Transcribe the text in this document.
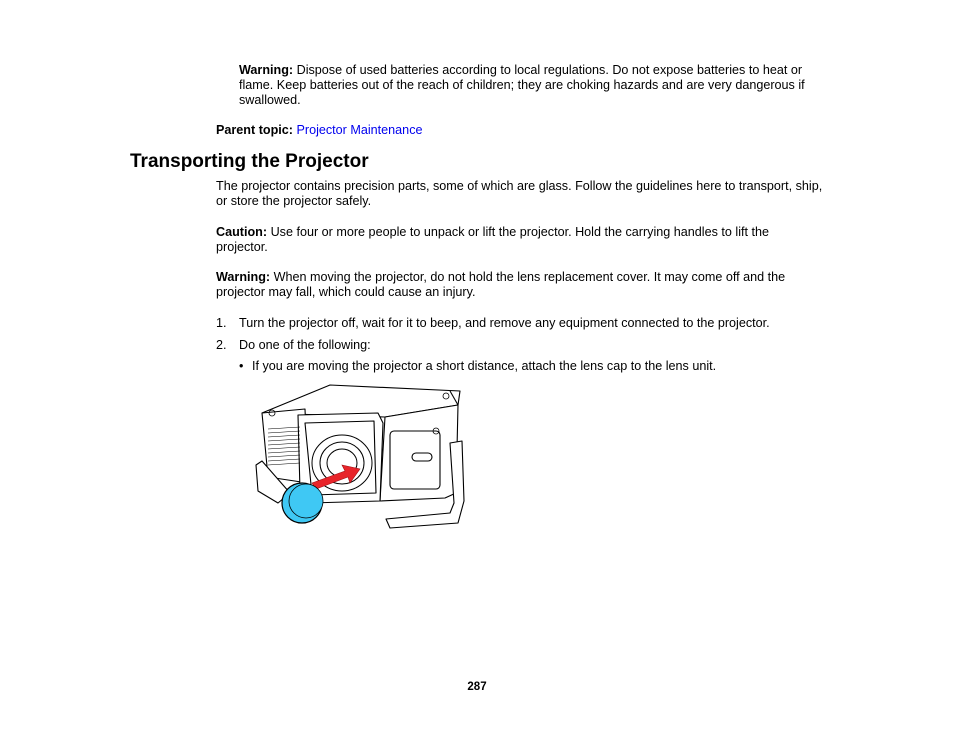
Warning: Dispose of used batteries according to local regulations. Do not expose batteries to heat or flame. Keep batteries out of the reach of children; they are choking hazards and are very dangerous if swallowed.

Parent topic: Projector Maintenance

Transporting the Projector

The projector contains precision parts, some of which are glass. Follow the guidelines here to transport, ship, or store the projector safely.

Caution: Use four or more people to unpack or lift the projector. Hold the carrying handles to lift the projector.

Warning: When moving the projector, do not hold the lens replacement cover. It may come off and the projector may fall, which could cause an injury.

1. Turn the projector off, wait for it to beep, and remove any equipment connected to the projector.
2. Do one of the following:
• If you are moving the projector a short distance, attach the lens cap to the lens unit.
287
